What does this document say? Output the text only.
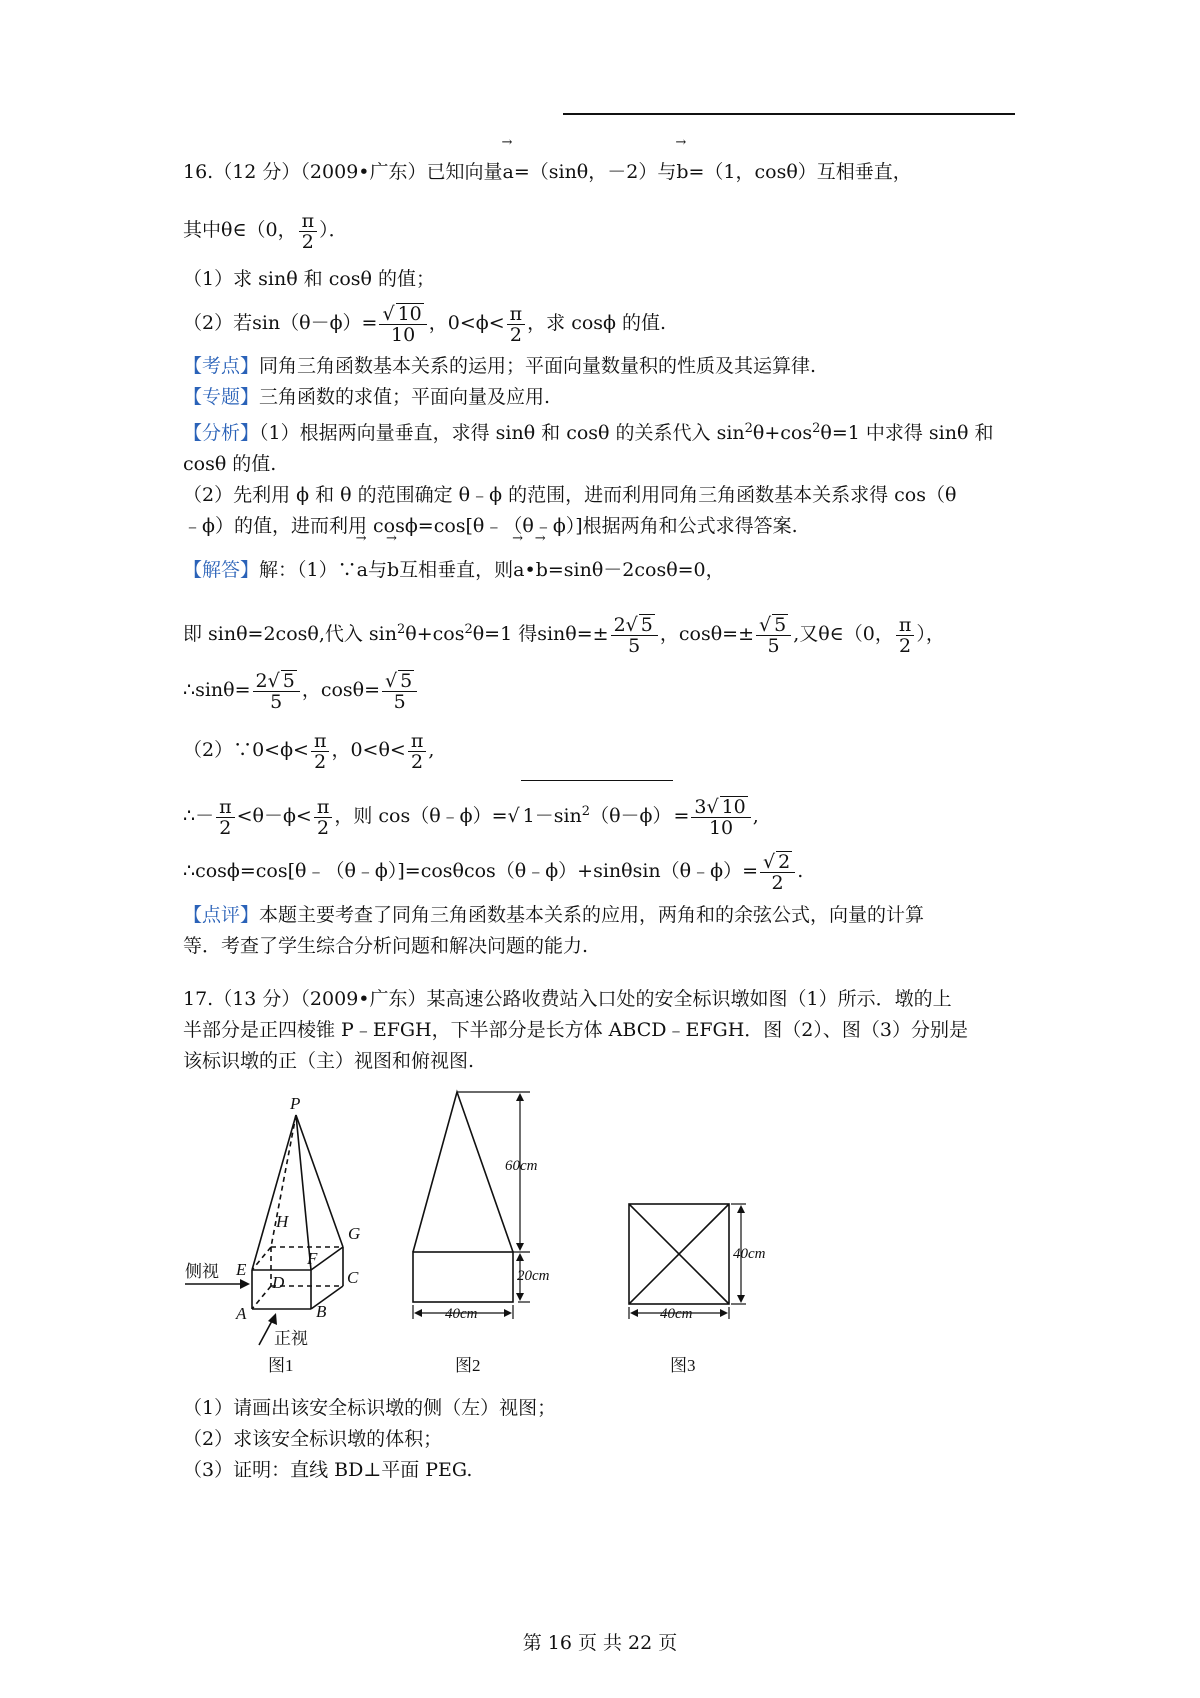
16.（12 分）（2009•广东）已知向量→ a=（sinθ，－2）与→ b=（1，cosθ）互相垂直，
其中θ∈（0， $\frac{\pi}{2}$ ）．
（1）求 sinθ 和 cosθ 的值；
（2）若$\sin(\theta-\phi)= \frac{√ 10}{10}$ ，$0<\phi< \frac{\pi}{2}$ ，求 cosϕ 的值.
【考点】同角三角函数基本关系的运用；平面向量数量积的性质及其运算律.
【专题】三角函数的求值；平面向量及应用.
【分析】（1）根据两向量垂直，求得 sinθ 和 cosθ 的关系代入 $\sin^2\theta+\cos^2\theta=1$ 中求得 sinθ 和
cosθ 的值.
（2）先利用 ϕ 和 θ 的范围确定 θ﹣ϕ 的范围，进而利用同角三角函数基本关系求得 cos（θ
﹣ϕ）的值，进而利用 cosϕ=cos[θ﹣（θ﹣ϕ）]根据两角和公式求得答案.
【解答】解：（1）∵→ a与→ b互相垂直，则→ a•→ b=sinθ－2cosθ=0，
即 sinθ=2cosθ,代入 $\sin^2\theta+\cos^2\theta=1$ 得$\sin\theta=\pm \frac{2√ 5}{5}$ ，$\cos\theta=\pm \frac{√ 5}{5}$ ,又θ∈（0， $\frac{\pi}{2}$ ），
∴sinθ= $\frac{2√ 5}{5}$ ，$\cos\theta= \frac{√ 5}{5}$
（2）∵0<ϕ< $\frac{\pi}{2}$ ，$0<\theta< \frac{\pi}{2}$ ,
∴－ $\frac{\pi}{2} <\theta-\phi< \frac{\pi}{2}$ ，则 cos（θ﹣ϕ）=√ $1-\sin^2(\theta-\phi) = \frac{3√ 10}{10}$ ,
∴cosϕ=cos[θ﹣（θ﹣ϕ）]=cosθcos（θ﹣ϕ）+sinθsin（θ﹣ϕ）= $\frac{√ 2}{2}$ .
【点评】本题主要考查了同角三角函数基本关系的应用，两角和的余弦公式，向量的计算
等．考查了学生综合分析问题和解决问题的能力.
17.（13 分）（2009•广东）某高速公路收费站入口处的安全标识墩如图（1）所示．墩的上
半部分是正四棱锥 P﹣EFGH，下半部分是长方体 ABCD﹣EFGH．图（2）、图（3）分别是
该标识墩的正（主）视图和俯视图.
P
H
G
F
E
D	C
A	B
侧视
正视
图1
60cm
20cm
40cm
图2
40cm
40cm
图3
（1）请画出该安全标识墩的侧（左）视图；
（2）求该安全标识墩的体积；
（3）证明：直线 BD⊥平面 PEG.
第 16 页 共 22 页
